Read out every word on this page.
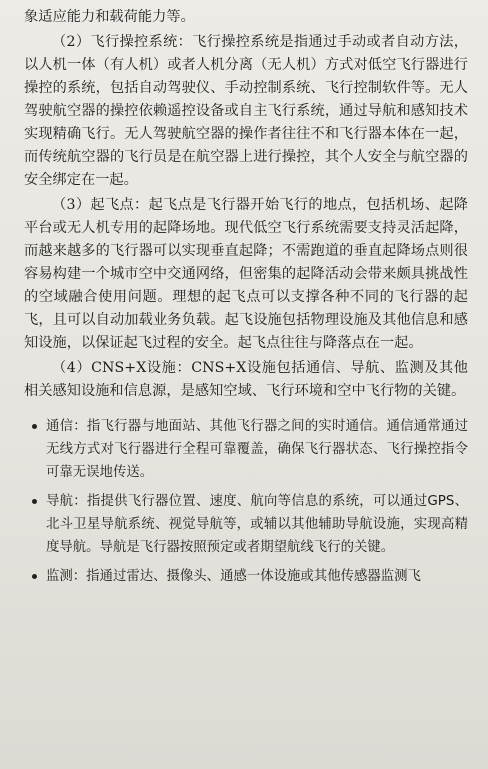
象适应能力和载荷能力等。

（2）飞行操控系统：飞行操控系统是指通过手动或者自动方法，以人机一体（有人机）或者人机分离（无人机）方式对低空飞行器进行操控的系统，包括自动驾驶仪、手动控制系统、飞行控制软件等。无人驾驶航空器的操控依赖遥控设备或自主飞行系统，通过导航和感知技术实现精确飞行。无人驾驶航空器的操作者往往不和飞行器本体在一起，而传统航空器的飞行员是在航空器上进行操控，其个人安全与航空器的安全绑定在一起。

（3）起飞点：起飞点是飞行器开始飞行的地点，包括机场、起降平台或无人机专用的起降场地。现代低空飞行系统需要支持灵活起降，而越来越多的飞行器可以实现垂直起降；不需跑道的垂直起降场点则很容易构建一个城市空中交通网络，但密集的起降活动会带来颇具挑战性的空域融合使用问题。理想的起飞点可以支撑各种不同的飞行器的起飞，且可以自动加载业务负载。起飞设施包括物理设施及其他信息和感知设施，以保证起飞过程的安全。起飞点往往与降落点在一起。

（4）CNS+X设施：CNS+X设施包括通信、导航、监测及其他相关感知设施和信息源，是感知空域、飞行环境和空中飞行物的关键。

通信：指飞行器与地面站、其他飞行器之间的实时通信。通信通常通过无线方式对飞行器进行全程可靠覆盖，确保飞行器状态、飞行操控指令可靠无误地传送。
导航：指提供飞行器位置、速度、航向等信息的系统，可以通过GPS、北斗卫星导航系统、视觉导航等，或辅以其他辅助导航设施，实现高精度导航。导航是飞行器按照预定或者期望航线飞行的关键。
监测：指通过雷达、摄像头、通感一体设施或其他传感器监测飞
